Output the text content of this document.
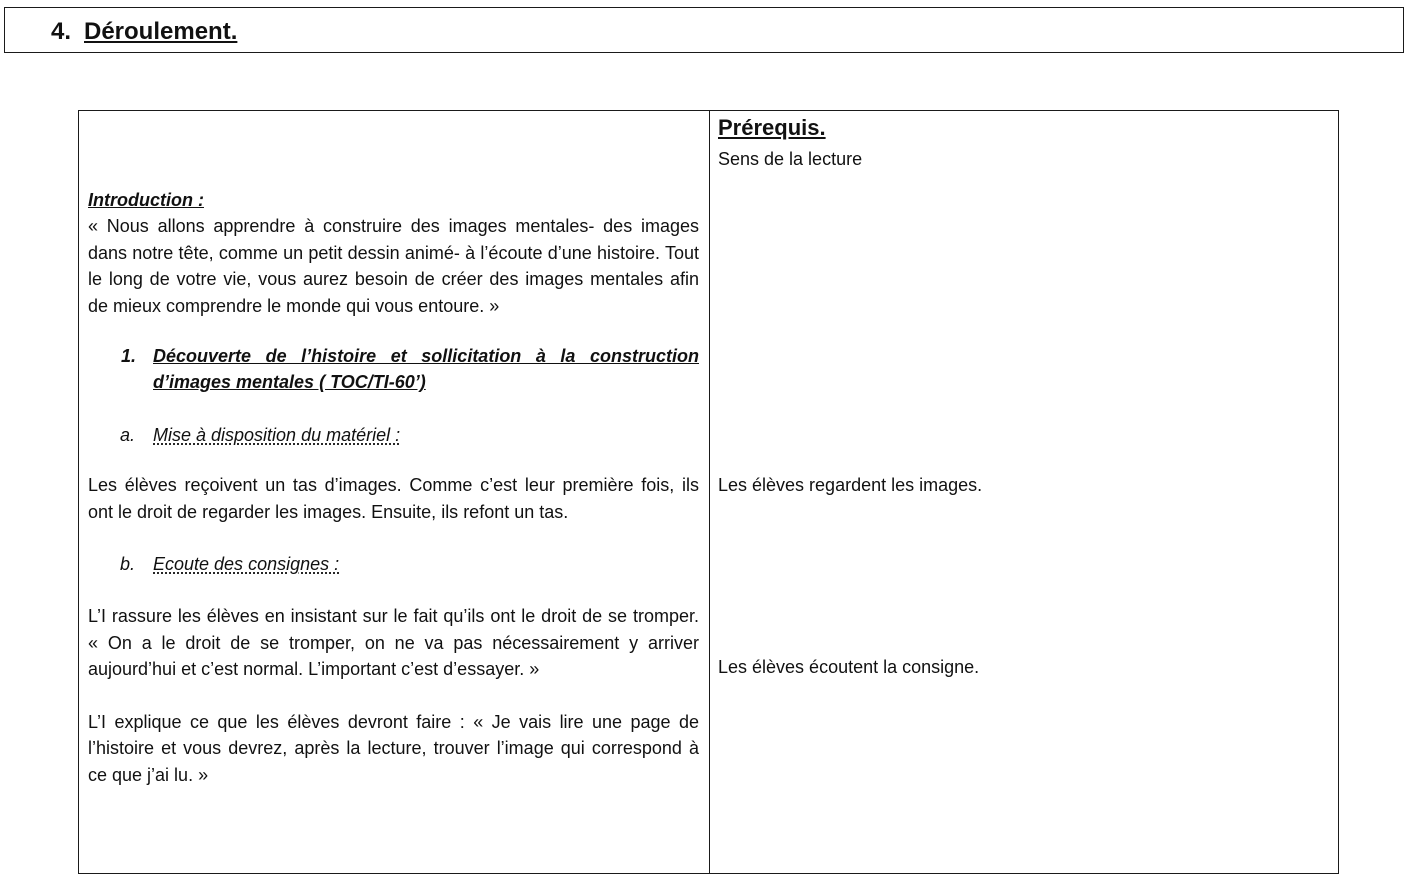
4. Déroulement.
Introduction :

« Nous allons apprendre à construire des images mentales- des images dans notre tête, comme un petit dessin animé- à l’écoute d’une histoire. Tout le long de votre vie, vous aurez besoin de créer des images mentales afin de mieux comprendre le monde qui vous entoure. »

1. Découverte de l’histoire et sollicitation à la construction d’images mentales ( TOC/TI-60’)

a. Mise à disposition du matériel :

Les élèves reçoivent un tas d’images. Comme c’est leur première fois, ils ont le droit de regarder les images. Ensuite, ils refont un tas.

b. Ecoute des consignes :

L’I rassure les élèves en insistant sur le fait qu’ils ont le droit de se tromper. « On a le droit de se tromper, on ne va pas nécessairement y arriver aujourd’hui et c’est normal. L’important c’est d’essayer. »

L’I explique ce que les élèves devront faire : « Je vais lire une page de l’histoire et vous devrez, après la lecture, trouver l’image qui correspond à ce que j’ai lu. »

Prérequis.
Sens de la lecture
Les élèves regardent les images.
Les élèves écoutent la consigne.
